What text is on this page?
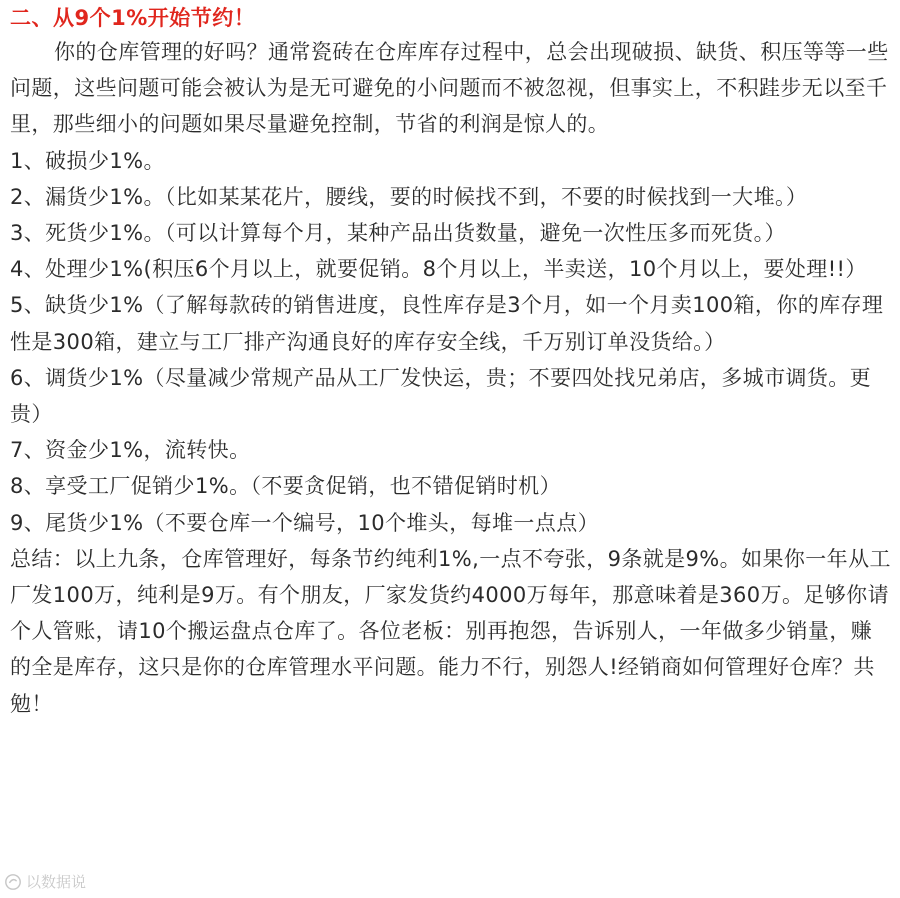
二、从9个1%开始节约！

你的仓库管理的好吗？通常瓷砖在仓库库存过程中，总会出现破损、缺货、积压等等一些问题，这些问题可能会被认为是无可避免的小问题而不被忽视，但事实上，不积跬步无以至千里，那些细小的问题如果尽量避免控制，节省的利润是惊人的。

1、破损少1%。
2、漏货少1%。（比如某某花片，腰线，要的时候找不到，不要的时候找到一大堆。）
3、死货少1%。（可以计算每个月，某种产品出货数量，避免一次性压多而死货。）
4、处理少1%(积压6个月以上，就要促销。8个月以上，半卖送，10个月以上，要处理!!）
5、缺货少1%（了解每款砖的销售进度，良性库存是3个月，如一个月卖100箱，你的库存理性是300箱，建立与工厂排产沟通良好的库存安全线，千万别订单没货给。）
6、调货少1%（尽量减少常规产品从工厂发快运，贵；不要四处找兄弟店，多城市调货。更贵）
7、资金少1%，流转快。
8、享受工厂促销少1%。（不要贪促销，也不错促销时机）
9、尾货少1%（不要仓库一个编号，10个堆头，每堆一点点）

总结：以上九条，仓库管理好，每条节约纯利1%,一点不夸张，9条就是9%。如果你一年从工厂发100万，纯利是9万。有个朋友，厂家发货约4000万每年，那意味着是360万。足够你请个人管账，请10个搬运盘点仓库了。各位老板：别再抱怨，告诉别人，一年做多少销量，赚的全是库存，这只是你的仓库管理水平问题。能力不行，别怨人!经销商如何管理好仓库？共勉！

以数据说
